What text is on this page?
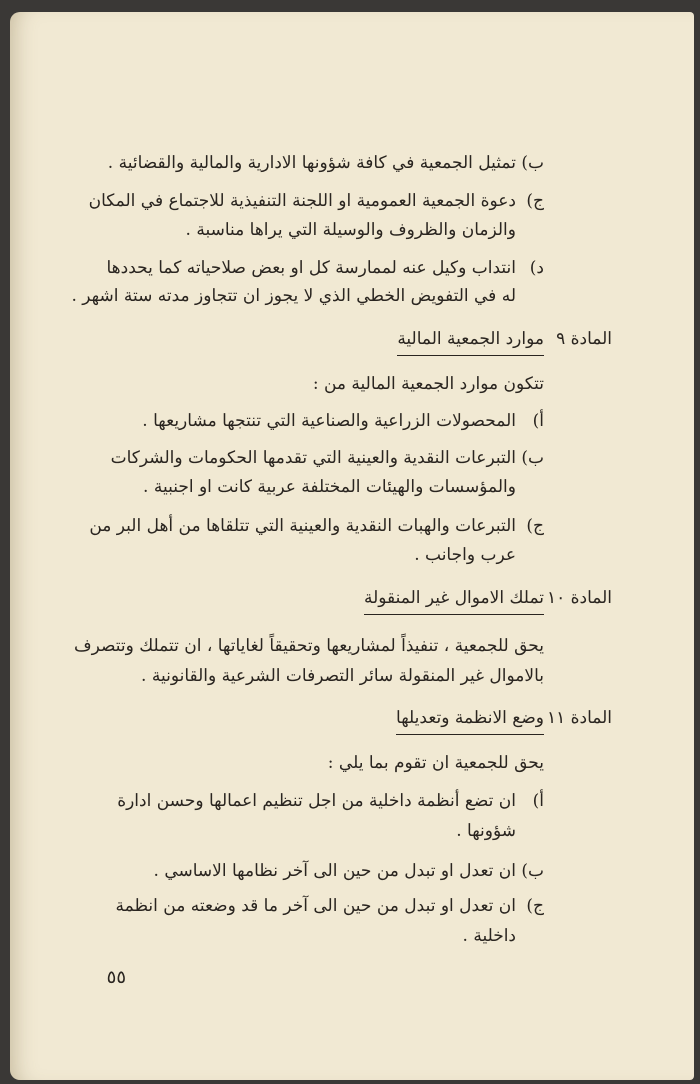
ب)
تمثيل الجمعية في كافة شؤونها الادارية والمالية والقضائية .
ج)
دعوة الجمعية العمومية او اللجنة التنفيذية للاجتماع في المكان
والزمان والظروف والوسيلة التي يراها مناسبة .
د)
انتداب وكيل عنه لممارسة كل او بعض صلاحياته كما يحددها
له في التفويض الخطي الذي لا يجوز ان تتجاوز مدته ستة اشهر .
المادة ٩
موارد الجمعية المالية
تتكون موارد الجمعية المالية من :
أ)
المحصولات الزراعية والصناعية التي تنتجها مشاريعها .
ب)
التبرعات النقدية والعينية التي تقدمها الحكومات والشركات
والمؤسسات والهيئات المختلفة عربية كانت او اجنبية .
ج)
التبرعات والهبات النقدية والعينية التي تتلقاها من أهل البر من
عرب واجانب .
المادة ١٠
تملك الاموال غير المنقولة
يحق للجمعية ، تنفيذاً لمشاريعها وتحقيقاً لغاياتها ، ان تتملك وتتصرف
بالاموال غير المنقولة سائر التصرفات الشرعية والقانونية .
المادة ١١
وضع الانظمة وتعديلها
يحق للجمعية ان تقوم بما يلي :
أ)
ان تضع أنظمة داخلية من اجل تنظيم اعمالها وحسن ادارة
شؤونها .
ب)
ان تعدل او تبدل من حين الى آخر نظامها الاساسي .
ج)
ان تعدل او تبدل من حين الى آخر ما قد وضعته من انظمة
داخلية .
٥٥
